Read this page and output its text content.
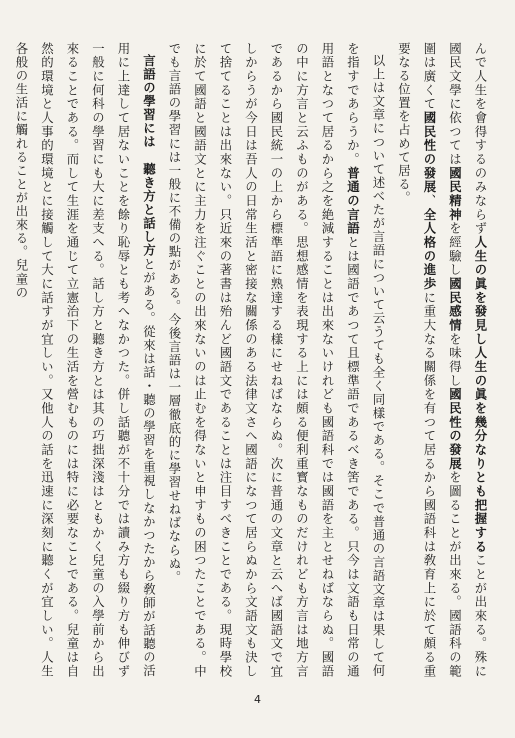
んで人生を會得するのみならず人生の眞を發見し人生の眞を幾分なりとも把握することが出來る。殊に國民文學に依つては國民精神を經驗し國民感情を味得し國民性の發展を圖ることが出來る。國語科の範圍は廣くて國民性の發展、全人格の進歩に重大なる關係を有つて居るから國語科は敎育上に於て頗る重要なる位置を占めて居る。

以上は文章について述べたが言語について云うても全く同樣である。そこで普通の言語文章は果して何を指すであらうか。普通の言語とは國語であつて且標準語であるべき筈である。只今は文語も日常の通用語となつて居るから之を絶減することは出來ないけれども國語科では國語を主とせねばならぬ。國語の中に方言と云ふものがある。思想感情を表現する上には頗る便利重寳なものだけれども方言は地方言であるから國民統一の上から標準語に熟達する樣にせねばならぬ。次に普通の文章と云へば國語文で宜しからうが今日は吾人の日常生活と密接な關係のある法律文さへ國語になつて居らぬから文語文も決して捨てることは出來ない。只近來の著書は殆んど國語文であることは注目すべきことである。現時學校に於て國語と國語文とに主力を注ぐことの出來ないのは止むを得ないと申すもの困つたことである。中でも言語の學習には一般に不備の點がある。今後言語は一層徹底的に學習せねばならぬ。

言語の學習には　聽き方と話し方とがある。從來は話・聽の學習を重視しなかつたから敎師が話聽の活用に上達して居ないことを餘り恥辱とも考へなかつた。併し話聽が不十分では讀み方も綴り方も伸びず一般に何科の學習にも大に差支へる。話し方と聽き方とは其の巧拙深淺はともかく兒童の入學前から出來ることである。而して生涯を通じて立憲治下の生活を營むものには特に必要なことである。兒童は自然的環境と人事的環境とに接觸して大に話すが宜しい。又他人の話を迅速に深刻に聽くが宜しい。人生各般の生活に觸れることが出來る。兒童の

4
